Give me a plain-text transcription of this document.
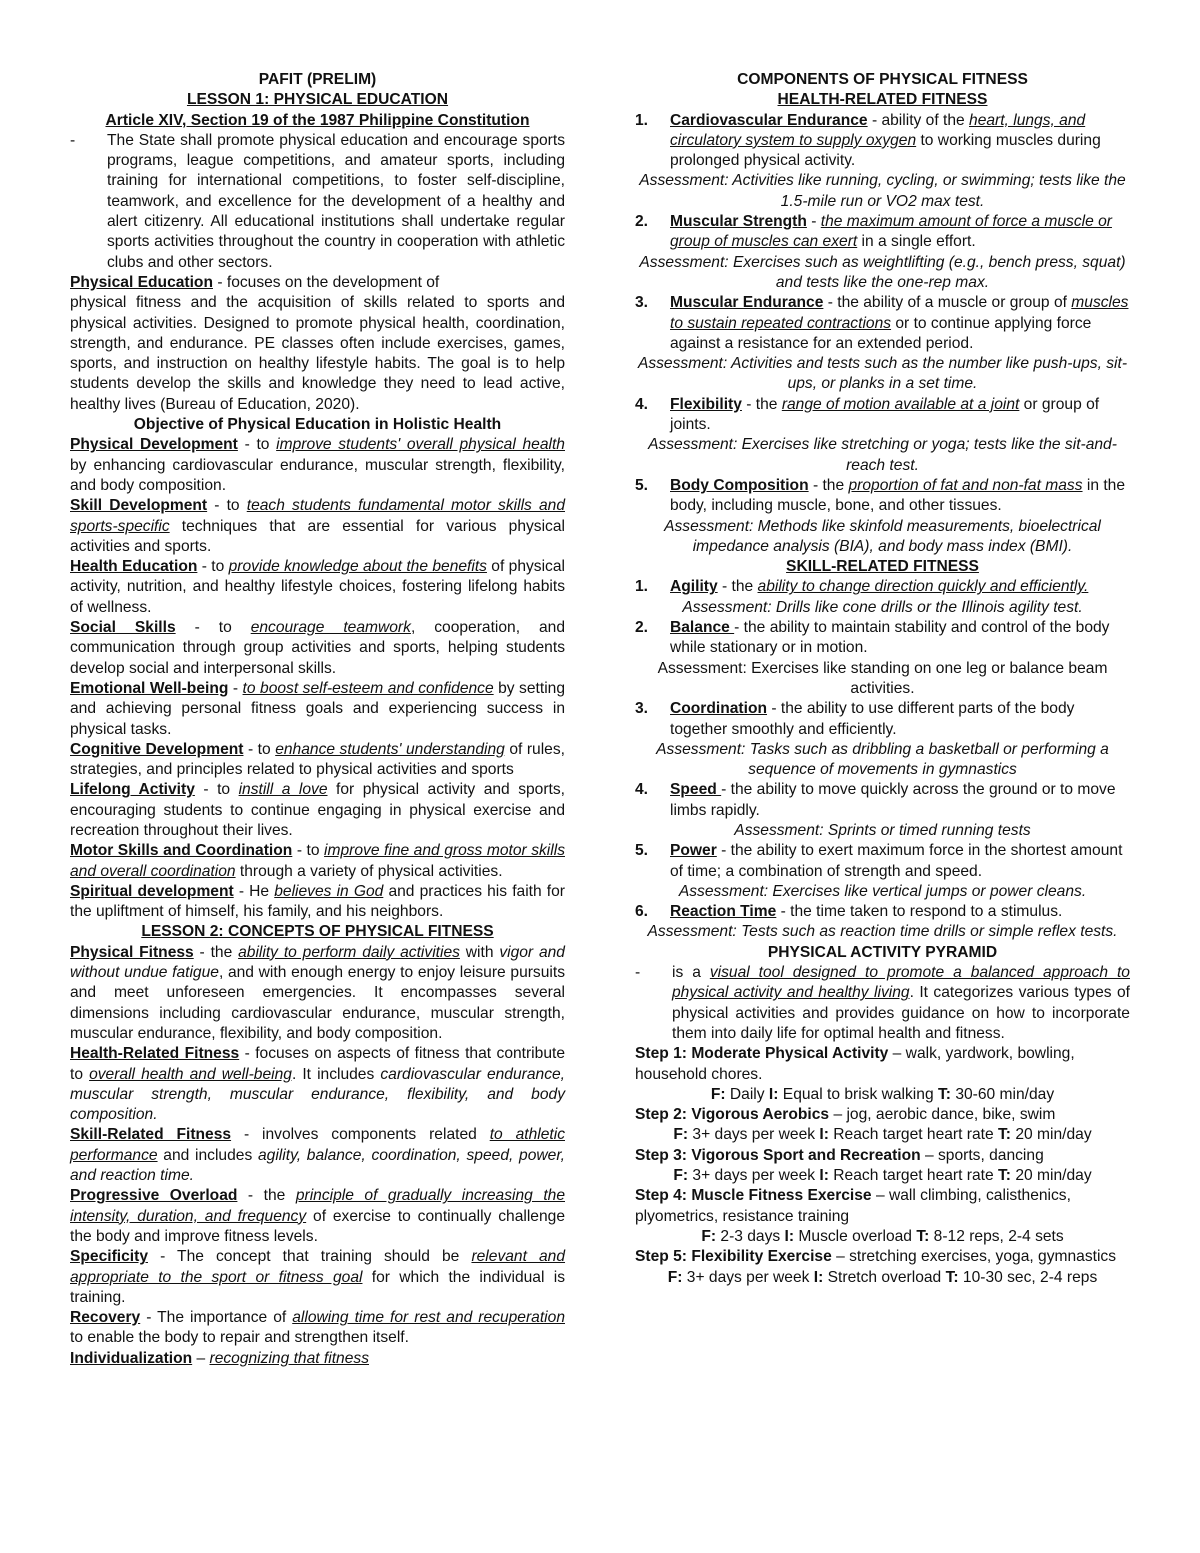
PAFIT (PRELIM)

LESSON 1: PHYSICAL EDUCATION

Article XIV, Section 19 of the 1987 Philippine Constitution

-	The State shall promote physical education and encourage sports programs, league competitions, and amateur sports, including training for international competitions, to foster self-discipline, teamwork, and excellence for the development of a healthy and alert citizenry. All educational institutions shall undertake regular sports activities throughout the country in cooperation with athletic clubs and other sectors.

Physical Education - focuses on the development of
physical fitness and the acquisition of skills related to sports and physical activities. Designed to promote physical health, coordination, strength, and endurance. PE classes often include exercises, games, sports, and instruction on healthy lifestyle habits. The goal is to help students develop the skills and knowledge they need to lead active, healthy lives (Bureau of Education, 2020).

Objective of Physical Education in Holistic Health

Physical Development - to improve students' overall physical health by enhancing cardiovascular endurance, muscular strength, flexibility, and body composition.

Skill Development - to teach students fundamental motor skills and sports-specific techniques that are essential for various physical activities and sports.

Health Education - to provide knowledge about the benefits of physical activity, nutrition, and healthy lifestyle choices, fostering lifelong habits of wellness.

Social Skills - to encourage teamwork, cooperation, and communication through group activities and sports, helping students develop social and interpersonal skills.

Emotional Well-being - to boost self-esteem and confidence by setting and achieving personal fitness goals and experiencing success in physical tasks.

Cognitive Development - to enhance students' understanding of rules, strategies, and principles related to physical activities and sports

Lifelong Activity - to instill a love for physical activity and sports, encouraging students to continue engaging in physical exercise and recreation throughout their lives.

Motor Skills and Coordination - to improve fine and gross motor skills and overall coordination through a variety of physical activities.

Spiritual development - He believes in God and practices his faith for the upliftment of himself, his family, and his neighbors.

LESSON 2: CONCEPTS OF PHYSICAL FITNESS

Physical Fitness - the ability to perform daily activities with vigor and without undue fatigue, and with enough energy to enjoy leisure pursuits and meet unforeseen emergencies. It encompasses several dimensions including cardiovascular endurance, muscular strength, muscular endurance, flexibility, and body composition.

Health-Related Fitness - focuses on aspects of fitness that contribute to overall health and well-being. It includes cardiovascular endurance, muscular strength, muscular endurance, flexibility, and body composition.

Skill-Related Fitness - involves components related to athletic performance and includes agility, balance, coordination, speed, power, and reaction time.

Progressive Overload - the principle of gradually increasing the intensity, duration, and frequency of exercise to continually challenge the body and improve fitness levels.

Specificity - The concept that training should be relevant and appropriate to the sport or fitness goal for which the individual is training.

Recovery - The importance of allowing time for rest and recuperation to enable the body to repair and strengthen itself.

Individualization – recognizing that fitness

COMPONENTS OF PHYSICAL FITNESS

HEALTH-RELATED FITNESS

1.	Cardiovascular Endurance - ability of the heart, lungs, and circulatory system to supply oxygen to working muscles during prolonged physical activity.

Assessment: Activities like running, cycling, or swimming; tests like the 1.5-mile run or VO2 max test.

2.	Muscular Strength - the maximum amount of force a muscle or group of muscles can exert in a single effort.

Assessment: Exercises such as weightlifting (e.g., bench press, squat) and tests like the one-rep max.

3.	Muscular Endurance - the ability of a muscle or group of muscles to sustain repeated contractions or to continue applying force against a resistance for an extended period.

Assessment: Activities and tests such as the number like push-ups, sit-ups, or planks in a set time.

4.	Flexibility - the range of motion available at a joint or group of joints.

Assessment: Exercises like stretching or yoga; tests like the sit-and-reach test.

5.	Body Composition - the proportion of fat and non-fat mass in the body, including muscle, bone, and other tissues.

Assessment: Methods like skinfold measurements, bioelectrical impedance analysis (BIA), and body mass index (BMI).

SKILL-RELATED FITNESS

1.	Agility - the ability to change direction quickly and efficiently.

Assessment: Drills like cone drills or the Illinois agility test.

2.	Balance - the ability to maintain stability and control of the body while stationary or in motion.

Assessment: Exercises like standing on one leg or balance beam activities.

3.	Coordination - the ability to use different parts of the body together smoothly and efficiently.

Assessment: Tasks such as dribbling a basketball or performing a sequence of movements in gymnastics

4.	Speed - the ability to move quickly across the ground or to move limbs rapidly.

Assessment: Sprints or timed running tests

5.	Power - the ability to exert maximum force in the shortest amount of time; a combination of strength and speed.

Assessment: Exercises like vertical jumps or power cleans.

6.	Reaction Time - the time taken to respond to a stimulus.

Assessment: Tests such as reaction time drills or simple reflex tests.

PHYSICAL ACTIVITY PYRAMID

-	is a visual tool designed to promote a balanced approach to physical activity and healthy living. It categorizes various types of physical activities and provides guidance on how to incorporate them into daily life for optimal health and fitness.

Step 1: Moderate Physical Activity – walk, yardwork, bowling, household chores.

F: Daily I: Equal to brisk walking T: 30-60 min/day

Step 2: Vigorous Aerobics – jog, aerobic dance, bike, swim

F: 3+ days per week I: Reach target heart rate T: 20 min/day

Step 3: Vigorous Sport and Recreation – sports, dancing

F: 3+ days per week I: Reach target heart rate T: 20 min/day

Step 4: Muscle Fitness Exercise – wall climbing, calisthenics, plyometrics, resistance training

F: 2-3 days I: Muscle overload T: 8-12 reps, 2-4 sets

Step 5: Flexibility Exercise – stretching exercises, yoga, gymnastics

F: 3+ days per week I: Stretch overload T: 10-30 sec, 2-4 reps
